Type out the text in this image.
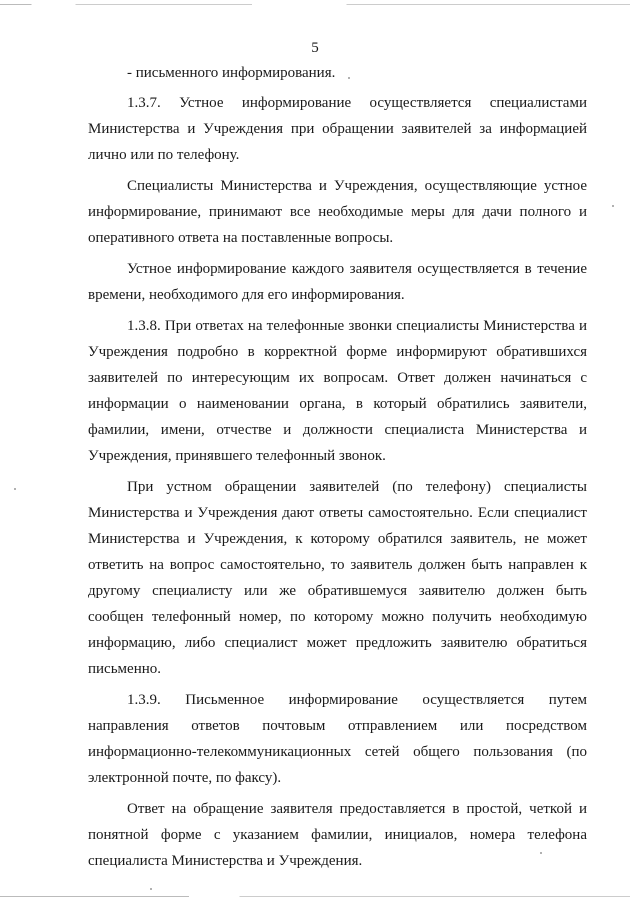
5

- письменного информирования.

1.3.7. Устное информирование осуществляется специалистами Министерства и Учреждения при обращении заявителей за информацией лично или по телефону.

Специалисты Министерства и Учреждения, осуществляющие устное информирование, принимают все необходимые меры для дачи полного и оперативного ответа на поставленные вопросы.

Устное информирование каждого заявителя осуществляется в течение времени, необходимого для его информирования.

1.3.8. При ответах на телефонные звонки специалисты Министерства и Учреждения подробно в корректной форме информируют обратившихся заявителей по интересующим их вопросам. Ответ должен начинаться с информации о наименовании органа, в который обратились заявители, фамилии, имени, отчестве и должности специалиста Министерства и Учреждения, принявшего телефонный звонок.

При устном обращении заявителей (по телефону) специалисты Министерства и Учреждения дают ответы самостоятельно. Если специалист Министерства и Учреждения, к которому обратился заявитель, не может ответить на вопрос самостоятельно, то заявитель должен быть направлен к другому специалисту или же обратившемуся заявителю должен быть сообщен телефонный номер, по которому можно получить необходимую информацию, либо специалист может предложить заявителю обратиться письменно.

1.3.9. Письменное информирование осуществляется путем направления ответов почтовым отправлением или посредством информационно-телекоммуникационных сетей общего пользования (по электронной почте, по факсу).

Ответ на обращение заявителя предоставляется в простой, четкой и понятной форме с указанием фамилии, инициалов, номера телефона специалиста Министерства и Учреждения.
